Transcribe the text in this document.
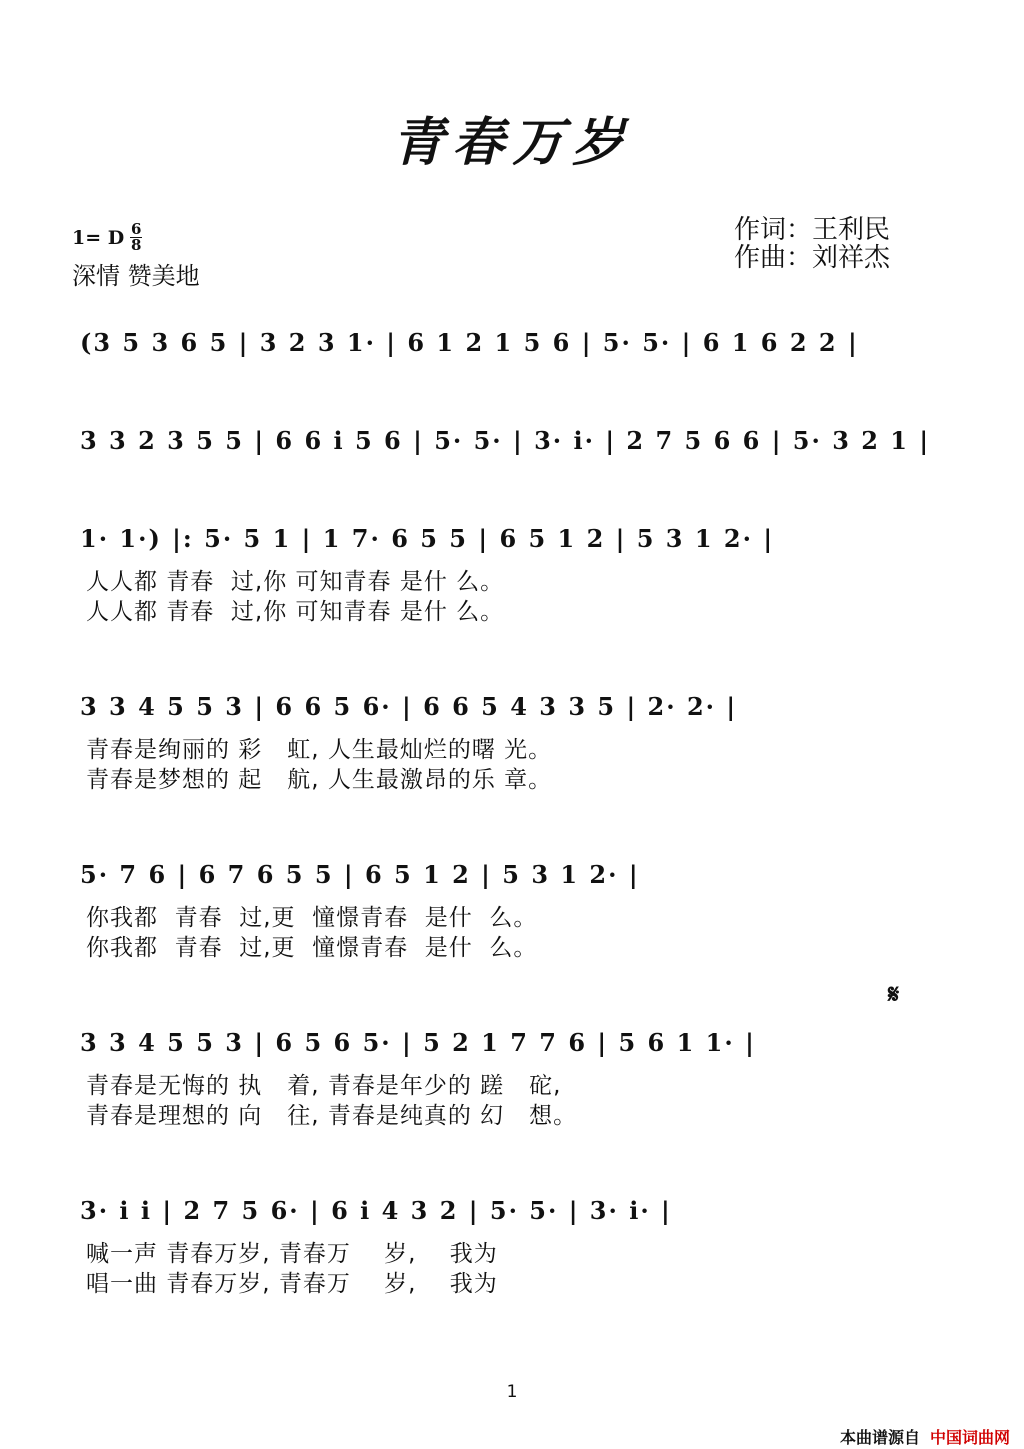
青春万岁
1= D $\frac{6}{8}$
深情 赞美地
作词：王利民
作曲：刘祥杰
(3 5 3 6 5 | 3 2 3 1· | 6 1 2 1 5 6 | 5· 5· | 6 1 6 2 2 |
3 3 2 3 5 5 | 6 6 i 5 6 | 5· 5· | 3· i· | 2 7 5 6 6 | 5· 3 2 1 |
1· 1·) |: 5· 5 1 | 1 7· 6 5 5 | 6 5 1 2 | 5 3 1 2· |
人人都 青春  过,你 可知青春 是什 么。
人人都 青春  过,你 可知青春 是什 么。
3 3 4 5 5 3 | 6 6 5 6· | 6 6 5 4 3 3 5 | 2· 2· |
青春是绚丽的 彩   虹, 人生最灿烂的曙 光。
青春是梦想的 起   航, 人生最激昂的乐 章。
5· 7 6 | 6 7 6 5 5 | 6 5 1 2 | 5 3 1 2· |
你我都  青春  过,更  憧憬青春  是什  么。
你我都  青春  过,更  憧憬青春  是什  么。
𝄋
3 3 4 5 5 3 | 6 5 6 5· | 5 2 1 7 7 6 | 5 6 1 1· |
青春是无悔的 执   着, 青春是年少的 蹉   砣,
青春是理想的 向   往, 青春是纯真的 幻   想。
3· i i | 2 7 5 6· | 6 i 4 3 2 | 5· 5· | 3· i· |
喊一声 青春万岁, 青春万    岁,    我为
唱一曲 青春万岁, 青春万    岁,    我为
1
本曲谱源自 中国词曲网
